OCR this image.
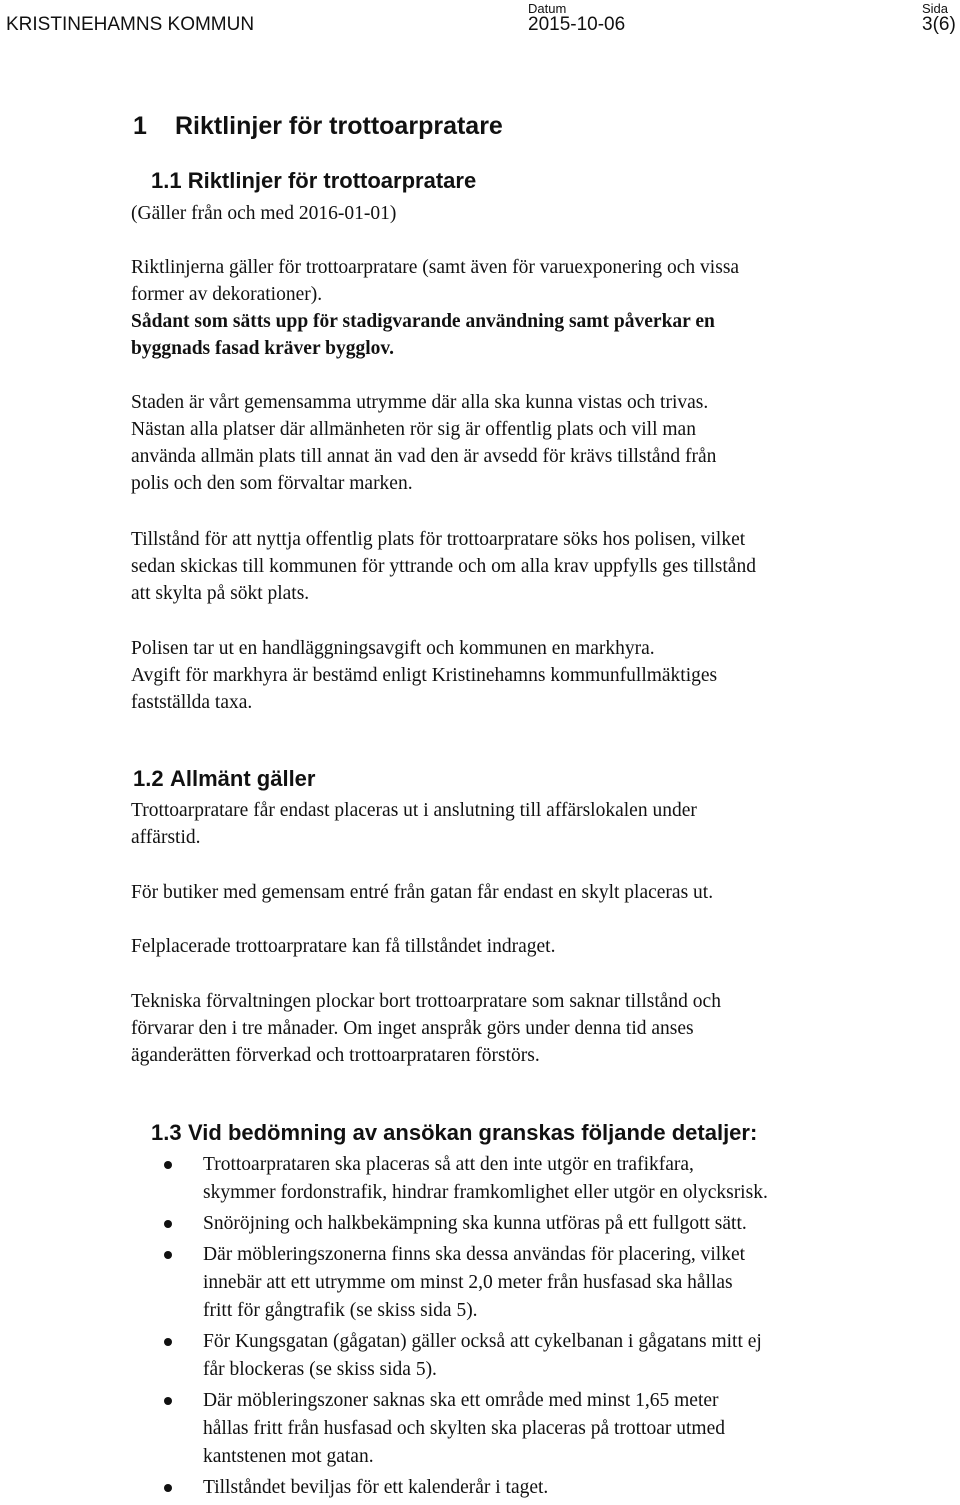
KRISTINEHAMNS KOMMUN
Datum
2015-10-06
Sida
3(6)
1 Riktlinjer för trottoarpratare
1.1 Riktlinjer för trottoarpratare

(Gäller från och med 2016-01-01)

Riktlinjerna gäller för trottoarpratare (samt även för varuexponering och vissa
former av dekorationer).
Sådant som sätts upp för stadigvarande användning samt påverkar en
byggnads fasad kräver bygglov.

Staden är vårt gemensamma utrymme där alla ska kunna vistas och trivas.
Nästan alla platser där allmänheten rör sig är offentlig plats och vill man
använda allmän plats till annat än vad den är avsedd för krävs tillstånd från
polis och den som förvaltar marken.

Tillstånd för att nyttja offentlig plats för trottoarpratare söks hos polisen, vilket
sedan skickas till kommunen för yttrande och om alla krav uppfylls ges tillstånd
att skylta på sökt plats.

Polisen tar ut en handläggningsavgift och kommunen en markhyra.
Avgift för markhyra är bestämd enligt Kristinehamns kommunfullmäktiges
fastställda taxa.

1.2 Allmänt gäller

Trottoarpratare får endast placeras ut i anslutning till affärslokalen under
affärstid.

För butiker med gemensam entré från gatan får endast en skylt placeras ut.

Felplacerade trottoarpratare kan få tillståndet indraget.

Tekniska förvaltningen plockar bort trottoarpratare som saknar tillstånd och
förvarar den i tre månader. Om inget anspråk görs under denna tid anses
äganderätten förverkad och trottoarprataren förstörs.

1.3 Vid bedömning av ansökan granskas följande detaljer:
Trottoarprataren ska placeras så att den inte utgör en trafikfara,
skymmer fordonstrafik, hindrar framkomlighet eller utgör en olycksrisk.
Snöröjning och halkbekämpning ska kunna utföras på ett fullgott sätt.
Där möbleringszonerna finns ska dessa användas för placering, vilket
innebär att ett utrymme om minst 2,0 meter från husfasad ska hållas
fritt för gångtrafik (se skiss sida 5).
För Kungsgatan (gågatan) gäller också att cykelbanan i gågatans mitt ej
får blockeras (se skiss sida 5).
Där möbleringszoner saknas ska ett område med minst 1,65 meter
hållas fritt från husfasad och skylten ska placeras på trottoar utmed
kantstenen mot gatan.
Tillståndet beviljas för ett kalenderår i taget.
